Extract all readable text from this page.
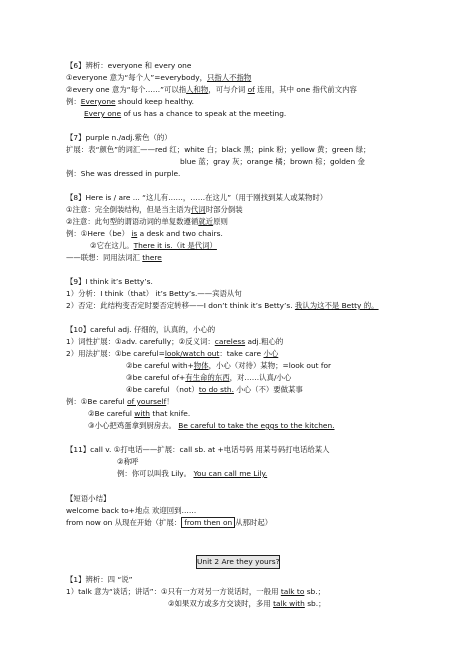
【6】辨析：everyone 和 every one
①everyone 意为“每个人”=everybody，只指人不指物
②every one 意为“每个……”可以指人和物，可与介词 of 连用，其中 one 指代前文内容
例：Everyone should keep healthy.
Every one of us has a chance to speak at the meeting.
【7】purple n./adj.紫色（的）
扩展：表“颜色”的词汇——red 红；white 白；black 黑；pink 粉；yellow 黄；green 绿；
blue 蓝；gray 灰；orange 橘；brown 棕；golden 金
例：She was dressed in purple.
【8】Here is / are ... “这儿有……，……在这儿”（用于刚找到某人或某物时）
①注意：完全倒装结构，但是当主语为代词时部分倒装
②注意：此句型的谓语动词的单复数遵循就近原则
例：①Here（be） is a desk and two chairs.
②它在这儿。There it is.（it 是代词）
——联想：同用法词汇 there
【9】I think it’s Betty’s.
1）分析：I think（that） it’s Betty’s.——宾语从句
2）否定：此结构变否定时要否定转移——I don’t think it’s Betty’s. 我认为这不是 Betty 的。
【10】careful adj. 仔细的，认真的，小心的
1）词性扩展：①adv. carefully；②反义词：careless adj.粗心的
2）用法扩展：①be careful=look/watch out：take care 小心
②be careful with+物体，小心（对待）某物；=look out for
③be careful of+有生命的东西，对……认真/小心
④be careful （not）to do sth. 小心（不）要做某事
例：①Be careful of yourself！
②Be careful with that knife.
③小心把鸡蛋拿到厨房去。 Be careful to take the eggs to the kitchen.
【11】call v. ①打电话——扩展：call sb. at +电话号码 用某号码打电话给某人
②称呼
例：你可以叫我 Lily。 You can call me Lily.
【短语小结】
welcome back to+地点 欢迎回到……
from now on 从现在开始（扩展： from then on 从那时起）
Unit 2 Are they yours?
【1】辨析：四 “说”
1）talk 意为“谈话；讲话”：①只有一方对另一方说话时，一般用 talk to sb.；
②如果双方或多方交谈时，多用 talk with sb.；
